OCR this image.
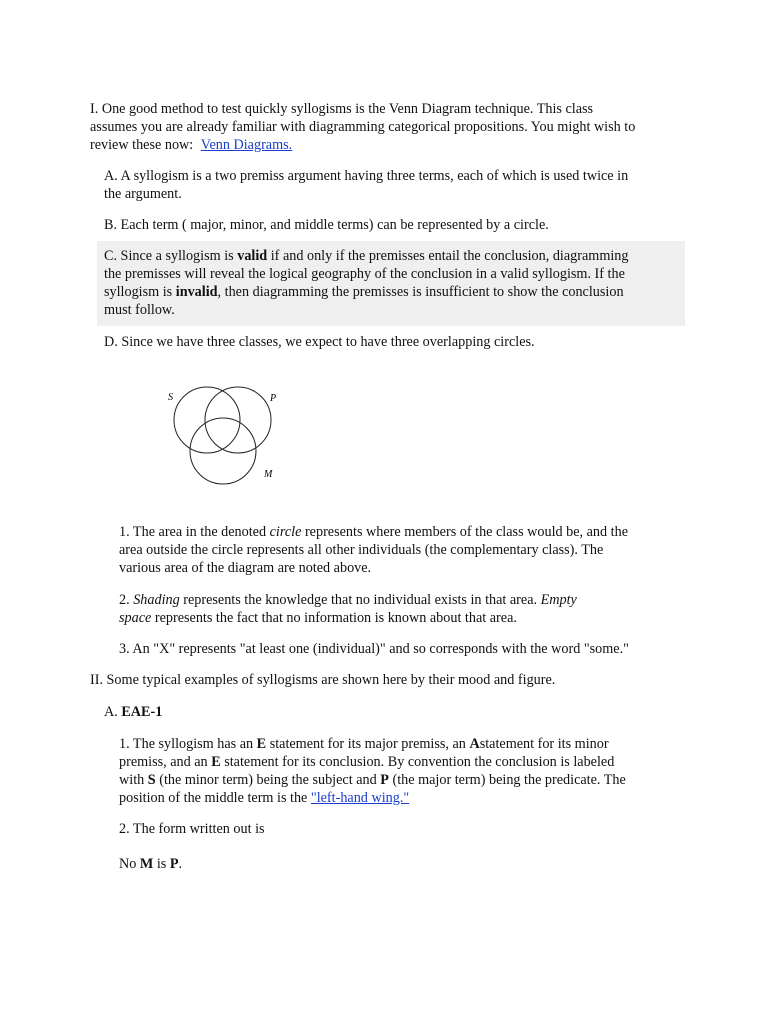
I. One good method to test quickly syllogisms is the Venn Diagram technique. This class

assumes you are already familiar with diagramming categorical propositions. You might wish to

review these now: Venn Diagrams.

A. A syllogism is a two premiss argument having three terms, each of which is used twice in

the argument.

B. Each term ( major, minor, and middle terms) can be represented by a circle.

C. Since a syllogism is valid if and only if the premisses entail the conclusion, diagramming

the premisses will reveal the logical geography of the conclusion in a valid syllogism. If the

syllogism is invalid, then diagramming the premisses is insufficient to show the conclusion

must follow.

D. Since we have three classes, we expect to have three overlapping circles.

S	P
M

1. The area in the denoted circle represents where members of the class would be, and the

area outside the circle represents all other individuals (the complementary class). The

various area of the diagram are noted above.

2. Shading represents the knowledge that no individual exists in that area. Empty

space represents the fact that no information is known about that area.

3. An "X" represents "at least one (individual)" and so corresponds with the word "some."

II. Some typical examples of syllogisms are shown here by their mood and figure.

A. EAE-1

1. The syllogism has an E statement for its major premiss, an Astatement for its minor

premiss, and an E statement for its conclusion. By convention the conclusion is labeled

with S (the minor term) being the subject and P (the major term) being the predicate. The

position of the middle term is the "left-hand wing."

2. The form written out is

No M is P.
